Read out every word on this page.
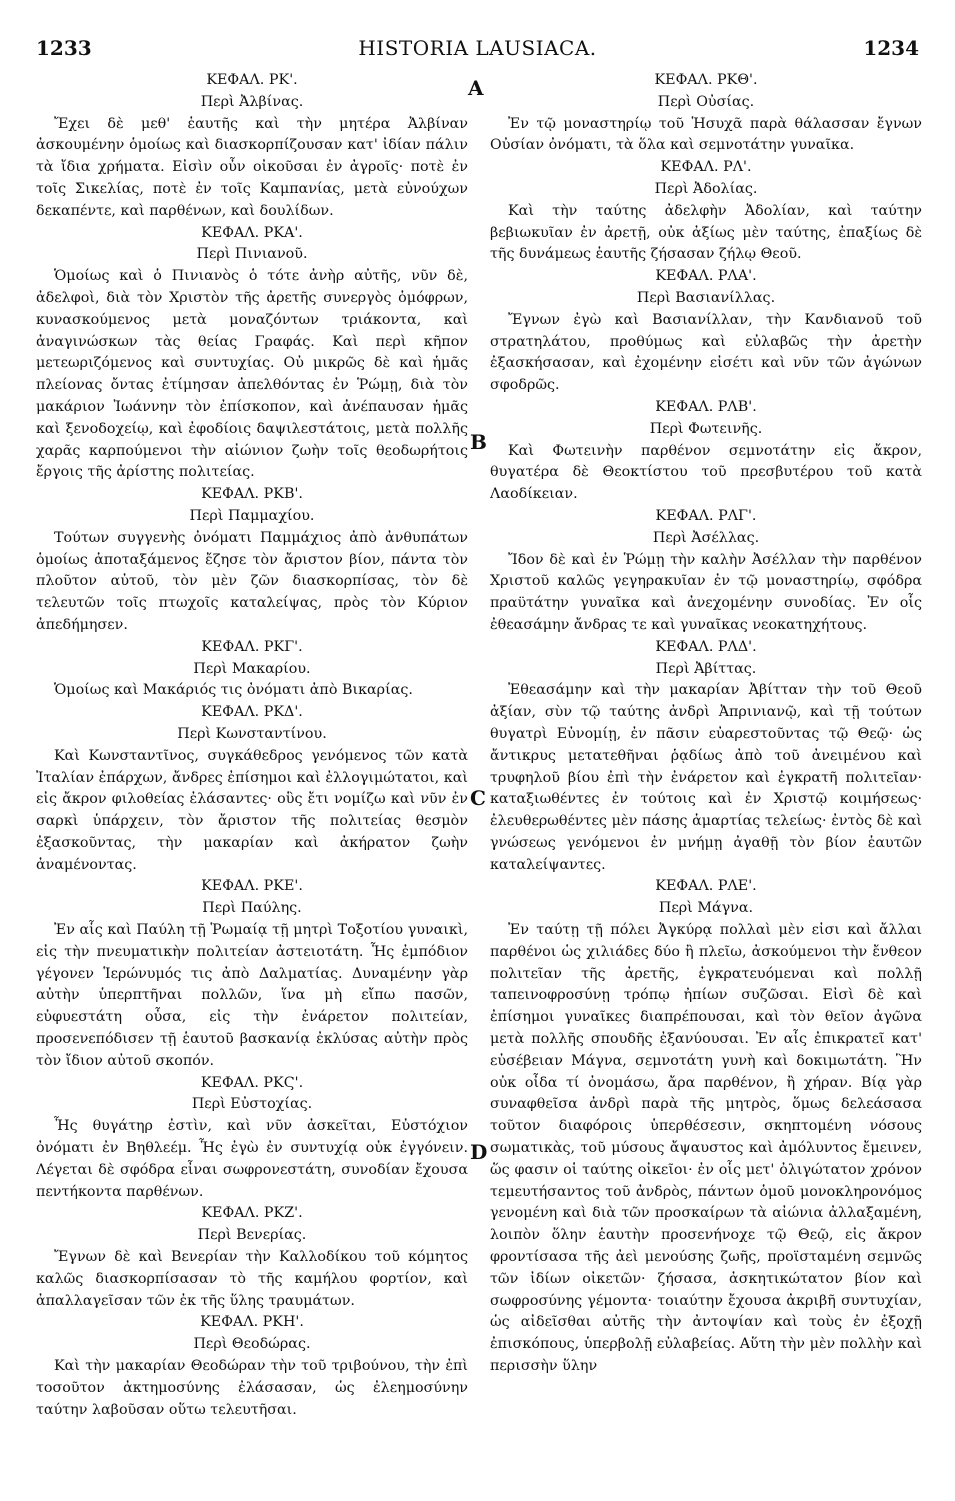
1233	HISTORIA LAUSIACA.	1234
A
B
C
D
ΚΕΦΑΛ. ΡΚ'.
Περὶ Ἀλβίνας.
Ἔχει δὲ μεθ' ἑαυτῆς καὶ τὴν μητέρα Ἀλβίναν ἀσκουμένην ὁμοίως καὶ διασκορπίζουσαν κατ' ἰδίαν πάλιν τὰ ἴδια χρήματα. Εἰσὶν οὖν οἰκοῦσαι ἐν ἀγροῖς· ποτὲ ἐν τοῖς Σικελίας, ποτὲ ἐν τοῖς Καμπανίας, μετὰ εὐνούχων δεκαπέντε, καὶ παρθένων, καὶ δουλίδων.
ΚΕΦΑΛ. ΡΚΑ'.
Περὶ Πινιανοῦ.
Ὁμοίως καὶ ὁ Πινιανὸς ὁ τότε ἀνὴρ αὐτῆς, νῦν δὲ, ἀδελφοὶ, διὰ τὸν Χριστὸν τῆς ἀρετῆς συνεργὸς ὁμόφρων, κυνασκούμενος μετὰ μοναζόντων τριάκοντα, καὶ ἀναγινώσκων τὰς θείας Γραφάς. Καὶ περὶ κῆπον μετεωριζόμενος καὶ συντυχίας. Οὐ μικρῶς δὲ καὶ ἡμᾶς πλείονας ὄντας ἐτίμησαν ἀπελθόντας ἐν Ῥώμῃ, διὰ τὸν μακάριον Ἰωάννην τὸν ἐπίσκοπον, καὶ ἀνέπαυσαν ἡμᾶς καὶ ξενοδοχείῳ, καὶ ἐφοδίοις δαψιλεστάτοις, μετὰ πολλῆς χαρᾶς καρπούμενοι τὴν αἰώνιον ζωὴν τοῖς θεοδωρήτοις ἔργοις τῆς ἀρίστης πολιτείας.
ΚΕΦΑΛ. ΡΚΒ'.
Περὶ Παμμαχίου.
Τούτων συγγενὴς ὀνόματι Παμμάχιος ἀπὸ ἀνθυπάτων ὁμοίως ἀποταξάμενος ἔζησε τὸν ἄριστον βίον, πάντα τὸν πλοῦτον αὐτοῦ, τὸν μὲν ζῶν διασκορπίσας, τὸν δὲ τελευτῶν τοῖς πτωχοῖς καταλείψας, πρὸς τὸν Κύριον ἀπεδήμησεν.
ΚΕΦΑΛ. ΡΚΓ'.
Περὶ Μακαρίου.
Ὁμοίως καὶ Μακάριός τις ὀνόματι ἀπὸ Βικαρίας.
ΚΕΦΑΛ. ΡΚΔ'.
Περὶ Κωνσταντίνου.
Καὶ Κωνσταντῖνος, συγκάθεδρος γενόμενος τῶν κατὰ Ἰταλίαν ἐπάρχων, ἄνδρες ἐπίσημοι καὶ ἐλλογιμώτατοι, καὶ εἰς ἄκρον φιλοθείας ἐλάσαντες· οὓς ἔτι νομίζω καὶ νῦν ἐν σαρκὶ ὑπάρχειν, τὸν ἄριστον τῆς πολιτείας θεσμὸν ἐξασκοῦντας, τὴν μακαρίαν καὶ ἀκήρατον ζωὴν ἀναμένοντας.
ΚΕΦΑΛ. ΡΚΕ'.
Περὶ Παύλης.
Ἐν αἷς καὶ Παύλη τῇ Ῥωμαίᾳ τῇ μητρὶ Τοξοτίου γυναικὶ, εἰς τὴν πνευματικὴν πολιτείαν ἀστειοτάτη. Ἧς ἐμπόδιον γέγονεν Ἱερώνυμός τις ἀπὸ Δαλματίας. Δυναμένην γὰρ αὐτὴν ὑπερπτῆναι πολλῶν, ἵνα μὴ εἴπω πασῶν, εὐφυεστάτη οὖσα, εἰς τὴν ἐνάρετον πολιτείαν, προσενεπόδισεν τῇ ἑαυτοῦ βασκανίᾳ ἐκλύσας αὐτὴν πρὸς τὸν ἴδιον αὐτοῦ σκοπόν.
ΚΕΦΑΛ. ΡΚϚ'.
Περὶ Εὐστοχίας.
Ἧς θυγάτηρ ἐστὶν, καὶ νῦν ἀσκεῖται, Εὐστόχιον ὀνόματι ἐν Βηθλεέμ. Ἧς ἐγὼ ἐν συντυχίᾳ οὐκ ἐγγόνειν. Λέγεται δὲ σφόδρα εἶναι σωφρονεστάτη, συνοδίαν ἔχουσα πεντήκοντα παρθένων.
ΚΕΦΑΛ. ΡΚΖ'.
Περὶ Βενερίας.
Ἔγνων δὲ καὶ Βενερίαν τὴν Καλλοδίκου τοῦ κόμητος καλῶς διασκορπίσασαν τὸ τῆς καμήλου φορτίον, καὶ ἀπαλλαγεῖσαν τῶν ἐκ τῆς ὕλης τραυμάτων.
ΚΕΦΑΛ. ΡΚΗ'.
Περὶ Θεοδώρας.
Καὶ τὴν μακαρίαν Θεοδώραν τὴν τοῦ τριβούνου, τὴν ἐπὶ τοσοῦτον ἀκτημοσύνης ἐλάσασαν, ὡς ἐλεημοσύνην ταύτην λαβοῦσαν οὕτω τελευτῆσαι.
ΚΕΦΑΛ. ΡΚΘ'.
Περὶ Οὐσίας.
Ἐν τῷ μοναστηρίῳ τοῦ Ἡσυχᾶ παρὰ θάλασσαν ἔγνων Οὐσίαν ὀνόματι, τὰ ὅλα καὶ σεμνοτάτην γυναῖκα.
ΚΕΦΑΛ. ΡΛ'.
Περὶ Ἀδολίας.
Καὶ τὴν ταύτης ἀδελφὴν Ἀδολίαν, καὶ ταύτην βεβιωκυῖαν ἐν ἀρετῇ, οὐκ ἀξίως μὲν ταύτης, ἐπαξίως δὲ τῆς δυνάμεως ἑαυτῆς ζήσασαν ζήλῳ Θεοῦ.
ΚΕΦΑΛ. ΡΛΑ'.
Περὶ Βασιανίλλας.
Ἔγνων ἐγὼ καὶ Βασιανίλλαν, τὴν Κανδιανοῦ τοῦ στρατηλάτου, προθύμως καὶ εὐλαβῶς τὴν ἀρετὴν ἐξασκήσασαν, καὶ ἐχομένην εἰσέτι καὶ νῦν τῶν ἀγώνων σφοδρῶς.
ΚΕΦΑΛ. ΡΛΒ'.
Περὶ Φωτεινῆς.
Καὶ Φωτεινὴν παρθένον σεμνοτάτην εἰς ἄκρον, θυγατέρα δὲ Θεοκτίστου τοῦ πρεσβυτέρου τοῦ κατὰ Λαοδίκειαν.
ΚΕΦΑΛ. ΡΛΓ'.
Περὶ Ἀσέλλας.
Ἴδον δὲ καὶ ἐν Ῥώμῃ τὴν καλὴν Ἀσέλλαν τὴν παρθένον Χριστοῦ καλῶς γεγηρακυῖαν ἐν τῷ μοναστηρίῳ, σφόδρα πραϋτάτην γυναῖκα καὶ ἀνεχομένην συνοδίας. Ἐν οἷς ἐθεασάμην ἄνδρας τε καὶ γυναῖκας νεοκατηχήτους.
ΚΕΦΑΛ. ΡΛΔ'.
Περὶ Ἀβίττας.
Ἐθεασάμην καὶ τὴν μακαρίαν Ἀβίτταν τὴν τοῦ Θεοῦ ἀξίαν, σὺν τῷ ταύτης ἀνδρὶ Ἀπρινιανῷ, καὶ τῇ τούτων θυγατρὶ Εὐνομίῃ, ἐν πᾶσιν εὐαρεστοῦντας τῷ Θεῷ· ὡς ἄντικρυς μετατεθῆναι ῥᾳδίως ἀπὸ τοῦ ἀνειμένου καὶ τρυφηλοῦ βίου ἐπὶ τὴν ἐνάρετον καὶ ἐγκρατῆ πολιτεῖαν· καταξιωθέντες ἐν τούτοις καὶ ἐν Χριστῷ κοιμήσεως· ἐλευθερωθέντες μὲν πάσης ἁμαρτίας τελείως· ἐντὸς δὲ καὶ γνώσεως γενόμενοι ἐν μνήμῃ ἀγαθῇ τὸν βίον ἑαυτῶν καταλείψαντες.
ΚΕΦΑΛ. ΡΛΕ'.
Περὶ Μάγνα.
Ἐν ταύτῃ τῇ πόλει Ἀγκύρᾳ πολλαὶ μὲν εἰσι καὶ ἄλλαι παρθένοι ὡς χιλιάδες δύο ἢ πλεῖω, ἀσκούμενοι τὴν ἔνθεον πολιτεῖαν τῆς ἀρετῆς, ἐγκρατευόμεναι καὶ πολλῇ ταπεινοφροσύνῃ τρόπῳ ἠπίων συζῶσαι. Εἰσὶ δὲ καὶ ἐπίσημοι γυναῖκες διαπρέπουσαι, καὶ τὸν θεῖον ἀγῶνα μετὰ πολλῆς σπουδῆς ἐξανύουσαι. Ἐν αἷς ἐπικρατεῖ κατ' εὐσέβειαν Μάγνα, σεμνοτάτη γυνὴ καὶ δοκιμωτάτη. Ἣν οὐκ οἶδα τί ὀνομάσω, ἄρα παρθένον, ἢ χήραν. Βίᾳ γὰρ συναφθεῖσα ἀνδρὶ παρὰ τῆς μητρὸς, ὅμως δελεάσασα τοῦτον διαφόροις ὑπερθέσεσιν, σκηπτομένη νόσους σωματικὰς, τοῦ μύσους ἄψαυστος καὶ ἀμόλυντος ἔμεινεν, ὥς φασιν οἱ ταύτης οἰκεῖοι· ἐν οἷς μετ' ὀλιγώτατον χρόνον τεμευτήσαντος τοῦ ἀνδρὸς, πάντων ὁμοῦ μονοκληρονόμος γενομένη καὶ διὰ τῶν προσκαίρων τὰ αἰώνια ἀλλαξαμένη, λοιπὸν ὅλην ἑαυτὴν προσενήνοχε τῷ Θεῷ, εἰς ἄκρον φροντίσασα τῆς ἀεὶ μενούσης ζωῆς, προϊσταμένη σεμνῶς τῶν ἰδίων οἰκετῶν· ζήσασα, ἀσκητικώτατον βίον καὶ σωφροσύνης γέμοντα· τοιαύτην ἔχουσα ἀκριβῆ συντυχίαν, ὡς αἰδεῖσθαι αὐτῆς τὴν ἀντοψίαν καὶ τοὺς ἐν ἐξοχῇ ἐπισκόπους, ὑπερβολῇ εὐλαβείας. Αὕτη τὴν μὲν πολλὴν καὶ περισσὴν ὕλην
